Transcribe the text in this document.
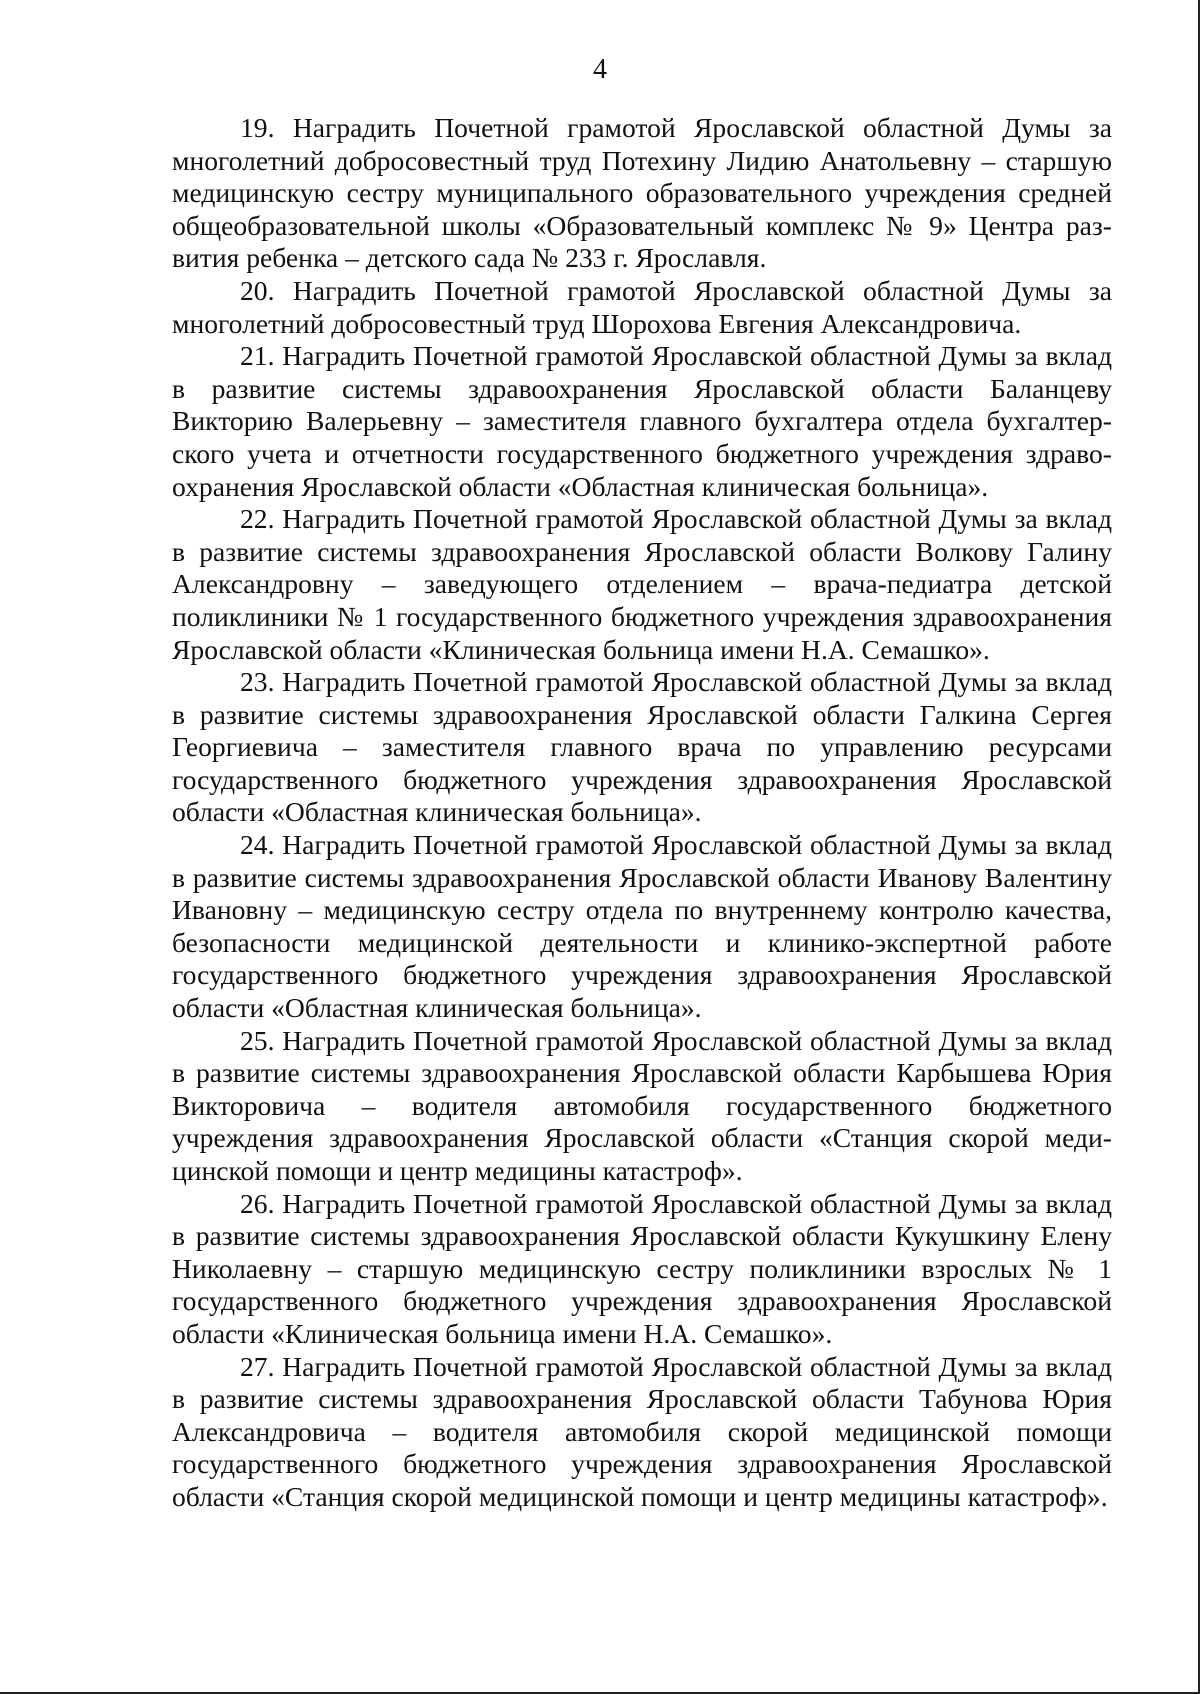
4

19. Наградить Почетной грамотой Ярославской областной Думы за многолетний добросовестный труд Потехину Лидию Анатольевну – старшую медицинскую сестру муниципального образовательного учреждения средней общеобразовательной школы «Образовательный комплекс № 9» Центра развития ребенка – детского сада № 233 г. Ярославля.

20. Наградить Почетной грамотой Ярославской областной Думы за многолетний добросовестный труд Шорохова Евгения Александровича.

21. Наградить Почетной грамотой Ярославской областной Думы за вклад в развитие системы здравоохранения Ярославской области Баланцеву Викторию Валерьевну – заместителя главного бухгалтера отдела бухгалтерского учета и отчетности государственного бюджетного учреждения здравоохранения Ярославской области «Областная клиническая больница».

22. Наградить Почетной грамотой Ярославской областной Думы за вклад в развитие системы здравоохранения Ярославской области Волкову Галину Александровну – заведующего отделением – врача-педиатра детской поликлиники № 1 государственного бюджетного учреждения здравоохранения Ярославской области «Клиническая больница имени Н.А. Семашко».

23. Наградить Почетной грамотой Ярославской областной Думы за вклад в развитие системы здравоохранения Ярославской области Галкина Сергея Георгиевича – заместителя главного врача по управлению ресурсами государственного бюджетного учреждения здравоохранения Ярославской области «Областная клиническая больница».

24. Наградить Почетной грамотой Ярославской областной Думы за вклад в развитие системы здравоохранения Ярославской области Иванову Валентину Ивановну – медицинскую сестру отдела по внутреннему контролю качества, безопасности медицинской деятельности и клинико-экспертной работе государственного бюджетного учреждения здравоохранения Ярославской области «Областная клиническая больница».

25. Наградить Почетной грамотой Ярославской областной Думы за вклад в развитие системы здравоохранения Ярославской области Карбышева Юрия Викторовича – водителя автомобиля государственного бюджетного учреждения здравоохранения Ярославской области «Станция скорой медицинской помощи и центр медицины катастроф».

26. Наградить Почетной грамотой Ярославской областной Думы за вклад в развитие системы здравоохранения Ярославской области Кукушкину Елену Николаевну – старшую медицинскую сестру поликлиники взрослых № 1 государственного бюджетного учреждения здравоохранения Ярославской области «Клиническая больница имени Н.А. Семашко».

27. Наградить Почетной грамотой Ярославской областной Думы за вклад в развитие системы здравоохранения Ярославской области Табунова Юрия Александровича – водителя автомобиля скорой медицинской помощи государственного бюджетного учреждения здравоохранения Ярославской области «Станция скорой медицинской помощи и центр медицины катастроф».
